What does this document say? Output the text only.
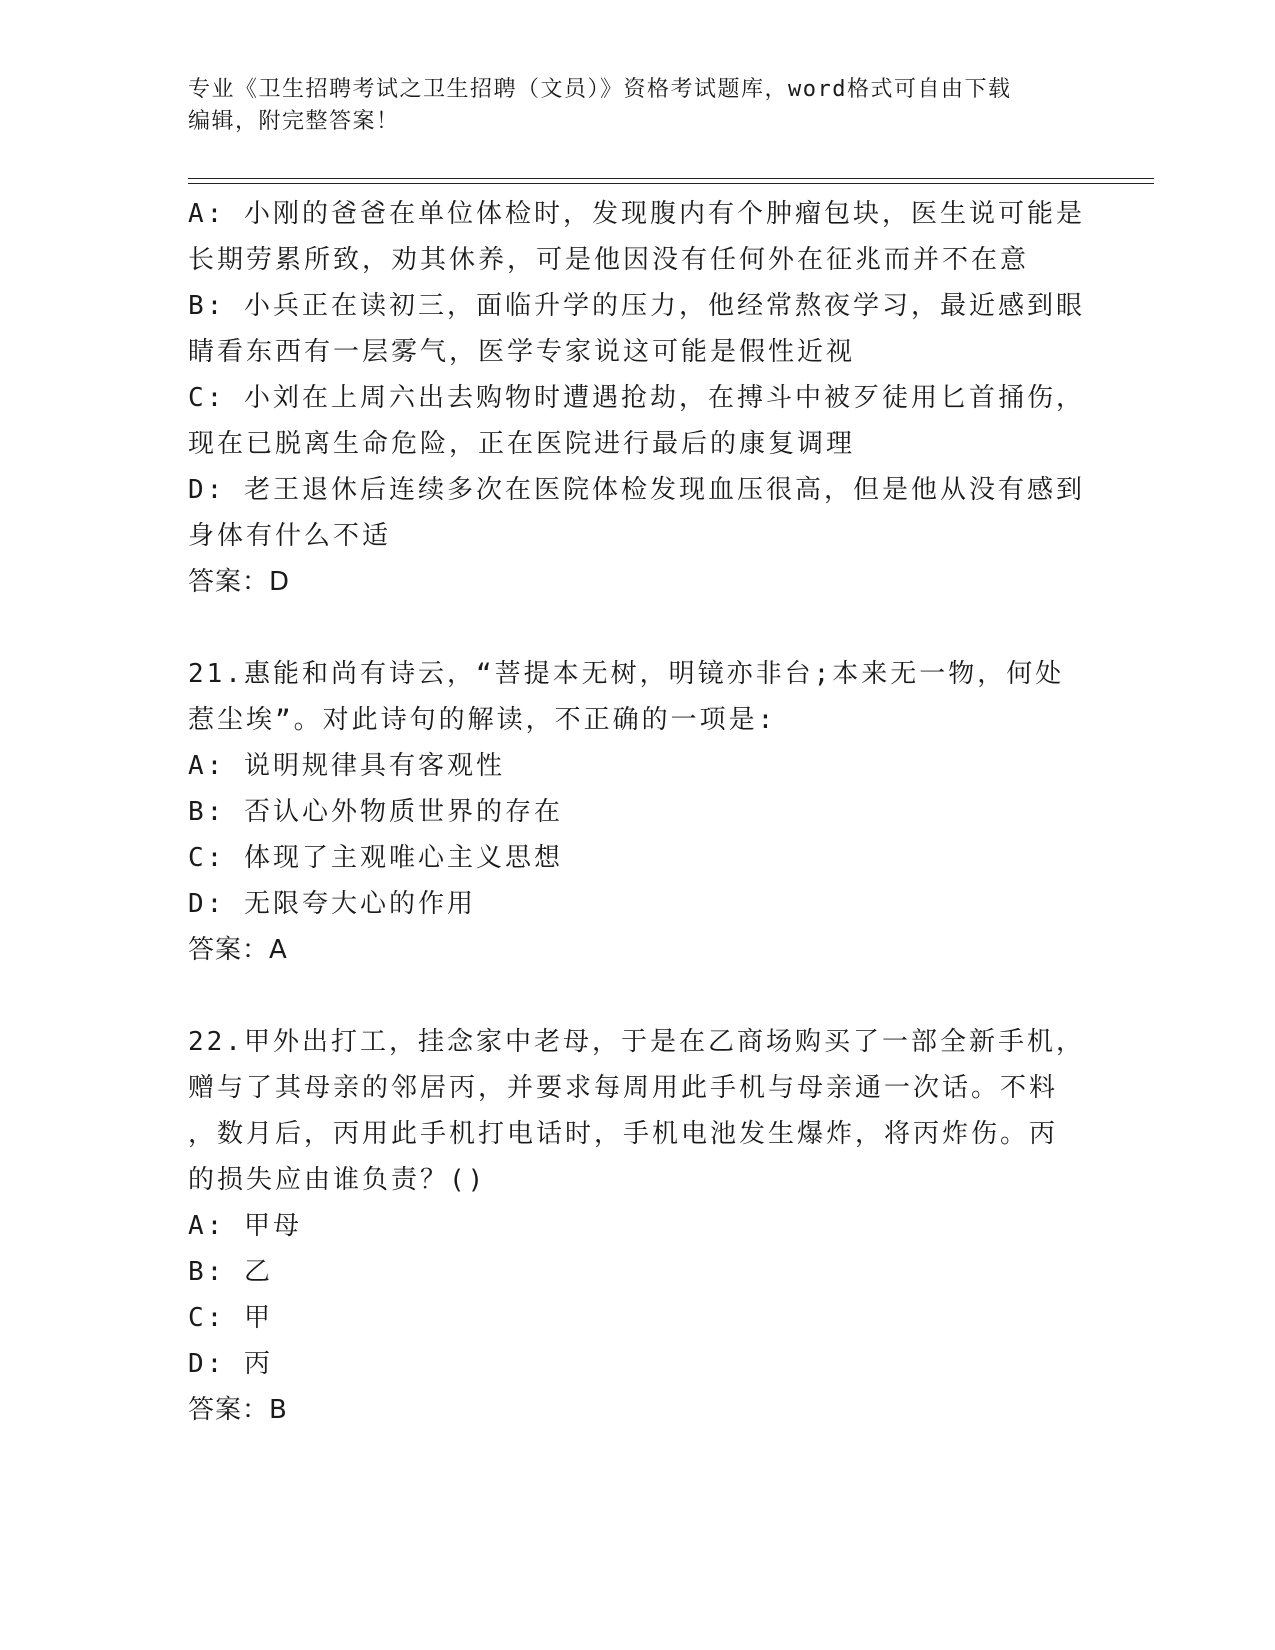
专业《卫生招聘考试之卫生招聘（文员）》资格考试题库，word格式可自由下载
编辑，附完整答案！
A: 小刚的爸爸在单位体检时，发现腹内有个肿瘤包块，医生说可能是
长期劳累所致，劝其休养，可是他因没有任何外在征兆而并不在意
B: 小兵正在读初三，面临升学的压力，他经常熬夜学习，最近感到眼
睛看东西有一层雾气，医学专家说这可能是假性近视
C: 小刘在上周六出去购物时遭遇抢劫，在搏斗中被歹徒用匕首捅伤，
现在已脱离生命危险，正在医院进行最后的康复调理
D: 老王退休后连续多次在医院体检发现血压很高，但是他从没有感到
身体有什么不适
答案：D
21.惠能和尚有诗云，“菩提本无树，明镜亦非台;本来无一物，何处
惹尘埃”。对此诗句的解读，不正确的一项是:
A: 说明规律具有客观性
B: 否认心外物质世界的存在
C: 体现了主观唯心主义思想
D: 无限夸大心的作用
答案：A
22.甲外出打工，挂念家中老母，于是在乙商场购买了一部全新手机，
赠与了其母亲的邻居丙，并要求每周用此手机与母亲通一次话。不料
，数月后，丙用此手机打电话时，手机电池发生爆炸，将丙炸伤。丙
的损失应由谁负责？()
A: 甲母
B: 乙
C: 甲
D: 丙
答案：B
